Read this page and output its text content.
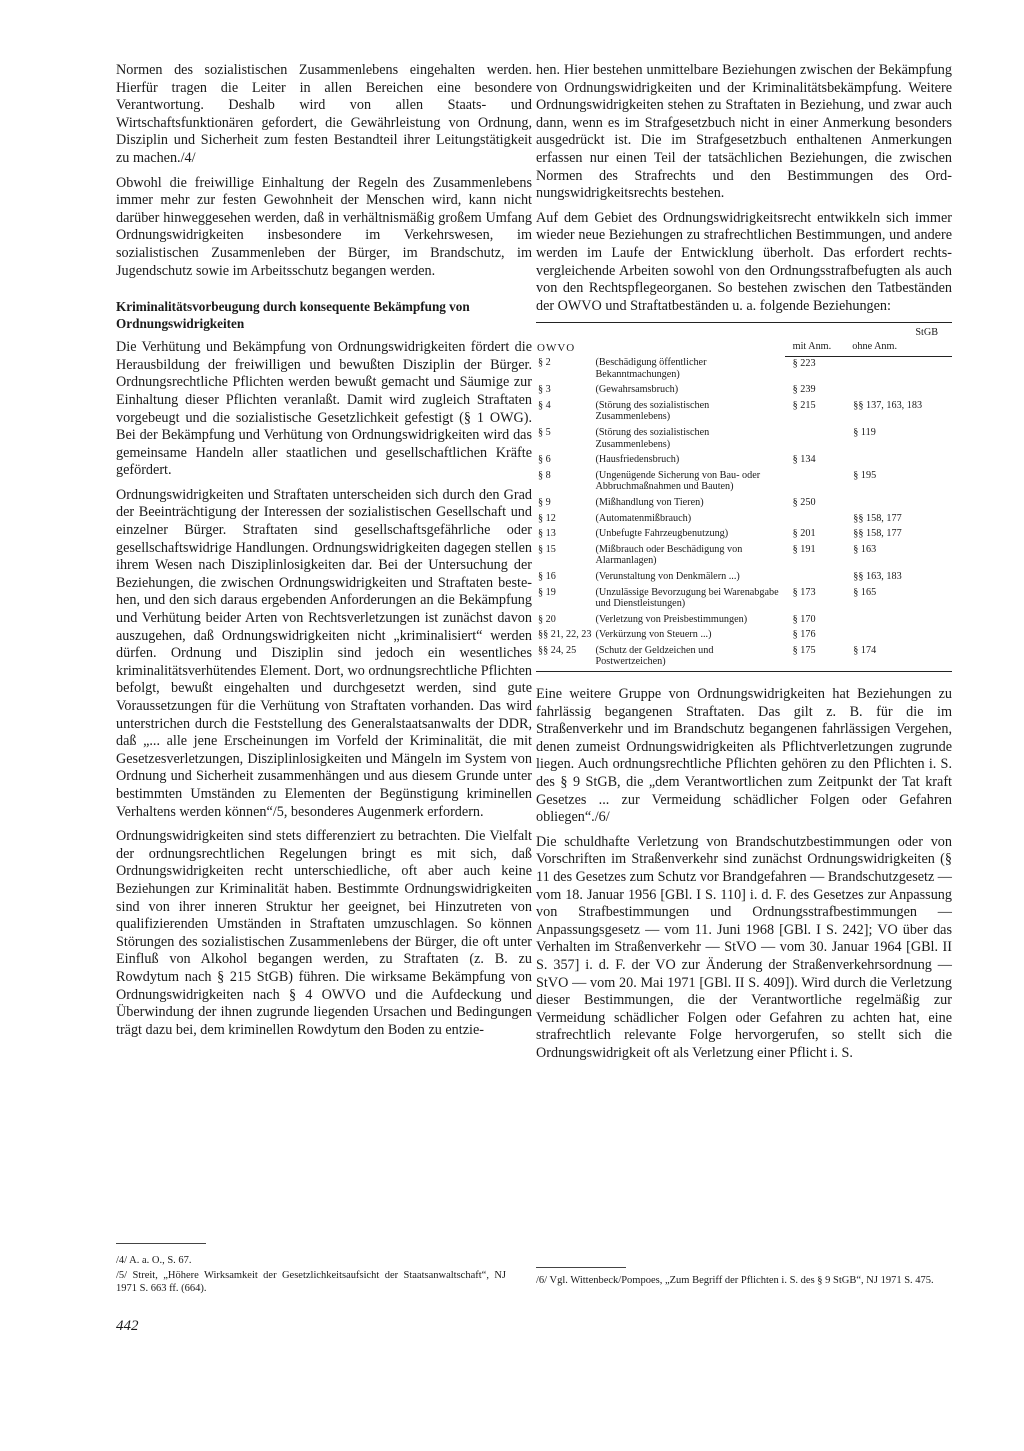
Normen des sozialistischen Zusammenlebens eingehalten werden. Hierfür tragen die Leiter in allen Bereichen eine besondere Verantwortung. Deshalb wird von allen Staats- und Wirtschaftsfunktionären gefordert, die Gewährleistung von Ordnung, Disziplin und Sicherheit zum festen Bestandteil ihrer Leitungstätigkeit zu machen./4/

Obwohl die freiwillige Einhaltung der Regeln des Zusammenlebens immer mehr zur festen Gewohnheit der Menschen wird, kann nicht darüber hinweggesehen werden, daß in verhältnismäßig großem Umfang Ordnungswidrigkeiten insbesondere im Verkehrswesen, im sozialistischen Zusammenleben der Bürger, im Brandschutz, im Jugendschutz sowie im Arbeitsschutz begangen werden.

Kriminalitätsvorbeugung durch konsequente Bekämpfung von Ordnungswidrigkeiten

Die Verhütung und Bekämpfung von Ordnungswidrigkeiten fördert die Herausbildung der freiwilligen und bewußten Disziplin der Bürger. Ordnungsrechtliche Pflichten werden bewußt gemacht und Säumige zur Einhaltung dieser Pflichten veranlaßt. Damit wird zugleich Straftaten vorgebeugt und die sozialistische Gesetzlichkeit gefestigt (§ 1 OWG). Bei der Bekämpfung und Verhütung von Ordnungswidrigkeiten wird das gemeinsame Handeln aller staatlichen und gesellschaftlichen Kräfte gefördert.

Ordnungswidrigkeiten und Straftaten unterscheiden sich durch den Grad der Beeinträchtigung der Interessen der sozialistischen Gesellschaft und einzelner Bürger. Straftaten sind gesellschaftsgefährliche oder gesellschaftswidrige Handlungen. Ordnungswidrigkeiten dagegen stellen ihrem Wesen nach Disziplinlosigkeiten dar. Bei der Untersuchung der Beziehungen, die zwischen Ordnungswidrigkeiten und Straftaten bestehen, und den sich daraus ergebenden Anforderungen an die Bekämpfung und Verhütung beider Arten von Rechtsverletzungen ist zunächst davon auszugehen, daß Ordnungswidrigkeiten nicht „kriminalisiert“ werden dürfen. Ordnung und Disziplin sind jedoch ein wesentliches kriminalitätsverhütendes Element. Dort, wo ordnungsrechtliche Pflichten befolgt, bewußt eingehalten und durchgesetzt werden, sind gute Voraussetzungen für die Verhütung von Straftaten vorhanden. Das wird unterstrichen durch die Feststellung des Generalstaatsanwalts der DDR, daß „... alle jene Erscheinungen im Vorfeld der Kriminalität, die mit Gesetzesverletzungen, Disziplinlosigkeiten und Mängeln im System von Ordnung und Sicherheit zusammenhängen und aus diesem Grunde unter bestimmten Umständen zu Elementen der Begünstigung kriminellen Verhaltens werden können“/5, besonderes Augenmerk erfordern.

Ordnungswidrigkeiten sind stets differenziert zu betrachten. Die Vielfalt der ordnungsrechtlichen Regelungen bringt es mit sich, daß Ordnungswidrigkeiten recht unterschiedliche, oft aber auch keine Beziehungen zur Kriminalität haben. Bestimmte Ordnungswidrigkeiten sind von ihrer inneren Struktur her geeignet, bei Hinzutreten von qualifizierenden Umständen in Straftaten umzuschlagen. So können Störungen des sozialistischen Zusammenlebens der Bürger, die oft unter Einfluß von Alkohol begangen werden, zu Straftaten (z. B. zu Rowdytum nach § 215 StGB) führen. Die wirksame Bekämpfung von Ordnungswidrigkeiten nach § 4 OWVO und die Aufdeckung und Überwindung der ihnen zugrunde liegenden Ursachen und Bedingungen trägt dazu bei, dem kriminellen Rowdytum den Boden zu entzie-

hen. Hier bestehen unmittelbare Beziehungen zwischen der Bekämpfung von Ordnungswidrigkeiten und der Kriminalitätsbekämpfung. Weitere Ordnungswidrigkeiten stehen zu Straftaten in Beziehung, und zwar auch dann, wenn es im Strafgesetzbuch nicht in einer Anmerkung besonders ausgedrückt ist. Die im Strafgesetzbuch enthaltenen Anmerkungen erfassen nur einen Teil der tatsächlichen Beziehungen, die zwischen Normen des Strafrechts und den Bestimmungen des Ordnungswidrigkeitsrechts bestehen.

Auf dem Gebiet des Ordnungswidrigkeitsrecht entwikkeln sich immer wieder neue Beziehungen zu strafrechtlichen Bestimmungen, und andere werden im Laufe der Entwicklung überholt. Das erfordert rechtsvergleichende Arbeiten sowohl von den Ordnungsstrafbefugten als auch von den Rechtspflegeorganen. So bestehen zwischen den Tatbeständen der OWVO und Straftatbeständen u. a. folgende Beziehungen:

OWVO		StGB	
		mit Anm.	ohne Anm.
§ 2	(Beschädigung öffentlicher Bekanntmachungen)	§ 223	
§ 3	(Gewahrsamsbruch)	§ 239	
§ 4	(Störung des sozialistischen Zusammenlebens)	§ 215	§§ 137, 163, 183
§ 5	(Störung des sozialistischen Zusammenlebens)		§ 119
§ 6	(Hausfriedensbruch)	§ 134	
§ 8	(Ungenügende Sicherung von Bau- oder Abbruchmaßnahmen und Bauten)		§ 195
§ 9	(Mißhandlung von Tieren)	§ 250	
§ 12	(Automatenmißbrauch)		§§ 158, 177
§ 13	(Unbefugte Fahrzeugbenutzung)	§ 201	§§ 158, 177
§ 15	(Mißbrauch oder Beschädigung von Alarmanlagen)	§ 191	§ 163
§ 16	(Verunstaltung von Denkmälern ...)		§§ 163, 183
§ 19	(Unzulässige Bevorzugung bei Warenabgabe und Dienstleistungen)	§ 173	§ 165
§ 20	(Verletzung von Preisbestimmungen)	§ 170	
§§ 21, 22, 23	(Verkürzung von Steuern ...)	§ 176	
§§ 24, 25	(Schutz der Geldzeichen und Postwertzeichen)	§ 175	§ 174

Eine weitere Gruppe von Ordnungswidrigkeiten hat Beziehungen zu fahrlässig begangenen Straftaten. Das gilt z. B. für die im Straßenverkehr und im Brandschutz begangenen fahrlässigen Vergehen, denen zumeist Ordnungswidrigkeiten als Pflichtverletzungen zugrunde liegen. Auch ordnungsrechtliche Pflichten gehören zu den Pflichten i. S. des § 9 StGB, die „dem Verantwortlichen zum Zeitpunkt der Tat kraft Gesetzes ... zur Vermeidung schädlicher Folgen oder Gefahren obliegen“./6/

Die schuldhafte Verletzung von Brandschutzbestimmungen oder von Vorschriften im Straßenverkehr sind zunächst Ordnungswidrigkeiten (§ 11 des Gesetzes zum Schutz vor Brandgefahren — Brandschutzgesetz — vom 18. Januar 1956 [GBl. I S. 110] i. d. F. des Gesetzes zur Anpassung von Strafbestimmungen und Ordnungsstrafbestimmungen — Anpassungsgesetz — vom 11. Juni 1968 [GBl. I S. 242]; VO über das Verhalten im Straßenverkehr — StVO — vom 30. Januar 1964 [GBl. II S. 357] i. d. F. der VO zur Änderung der Straßenverkehrsordnung — StVO — vom 20. Mai 1971 [GBl. II S. 409]). Wird durch die Verletzung dieser Bestimmungen, die der Verantwortliche regelmäßig zur Vermeidung schädlicher Folgen oder Gefahren zu achten hat, eine strafrechtlich relevante Folge hervorgerufen, so stellt sich die Ordnungswidrigkeit oft als Verletzung einer Pflicht i. S.

/4/ A. a. O., S. 67.

/5/ Streit, „Höhere Wirksamkeit der Gesetzlichkeitsaufsicht der Staatsanwaltschaft“, NJ 1971 S. 663 ff. (664).

/6/ Vgl. Wittenbeck/Pompoes, „Zum Begriff der Pflichten i. S. des § 9 StGB“, NJ 1971 S. 475.

442
